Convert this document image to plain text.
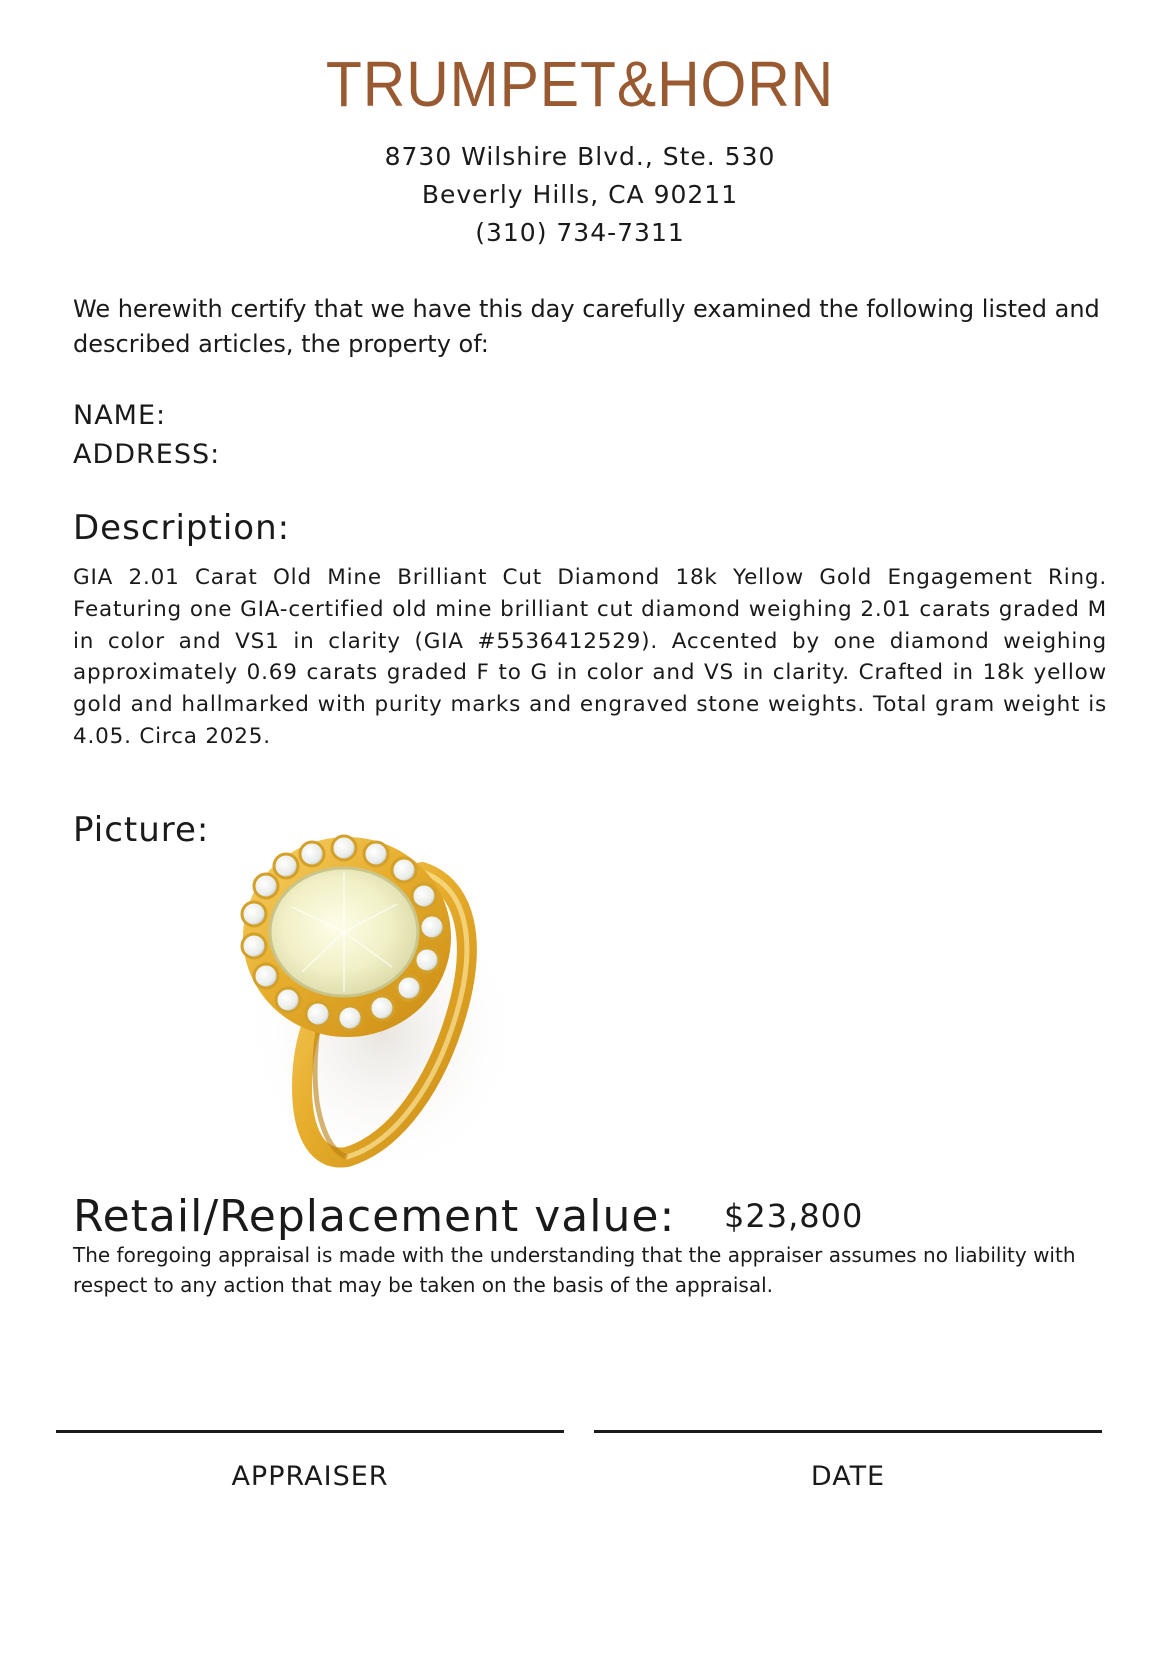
TRUMPET&HORN
8730 Wilshire Blvd., Ste. 530
Beverly Hills, CA 90211
(310) 734-7311
We herewith certify that we have this day carefully examined the following listed and described articles, the property of:
NAME:
ADDRESS:
Description:
GIA 2.01 Carat Old Mine Brilliant Cut Diamond 18k Yellow Gold Engagement Ring. Featuring one GIA-certified old mine brilliant cut diamond weighing 2.01 carats graded M in color and VS1 in clarity (GIA #5536412529). Accented by one diamond weighing approximately 0.69 carats graded F to G in color and VS in clarity. Crafted in 18k yellow gold and hallmarked with purity marks and engraved stone weights. Total gram weight is 4.05. Circa 2025.
Picture:
Retail/Replacement value: $23,800
The foregoing appraisal is made with the understanding that the appraiser assumes no liability with respect to any action that may be taken on the basis of the appraisal.
APPRAISER	DATE
